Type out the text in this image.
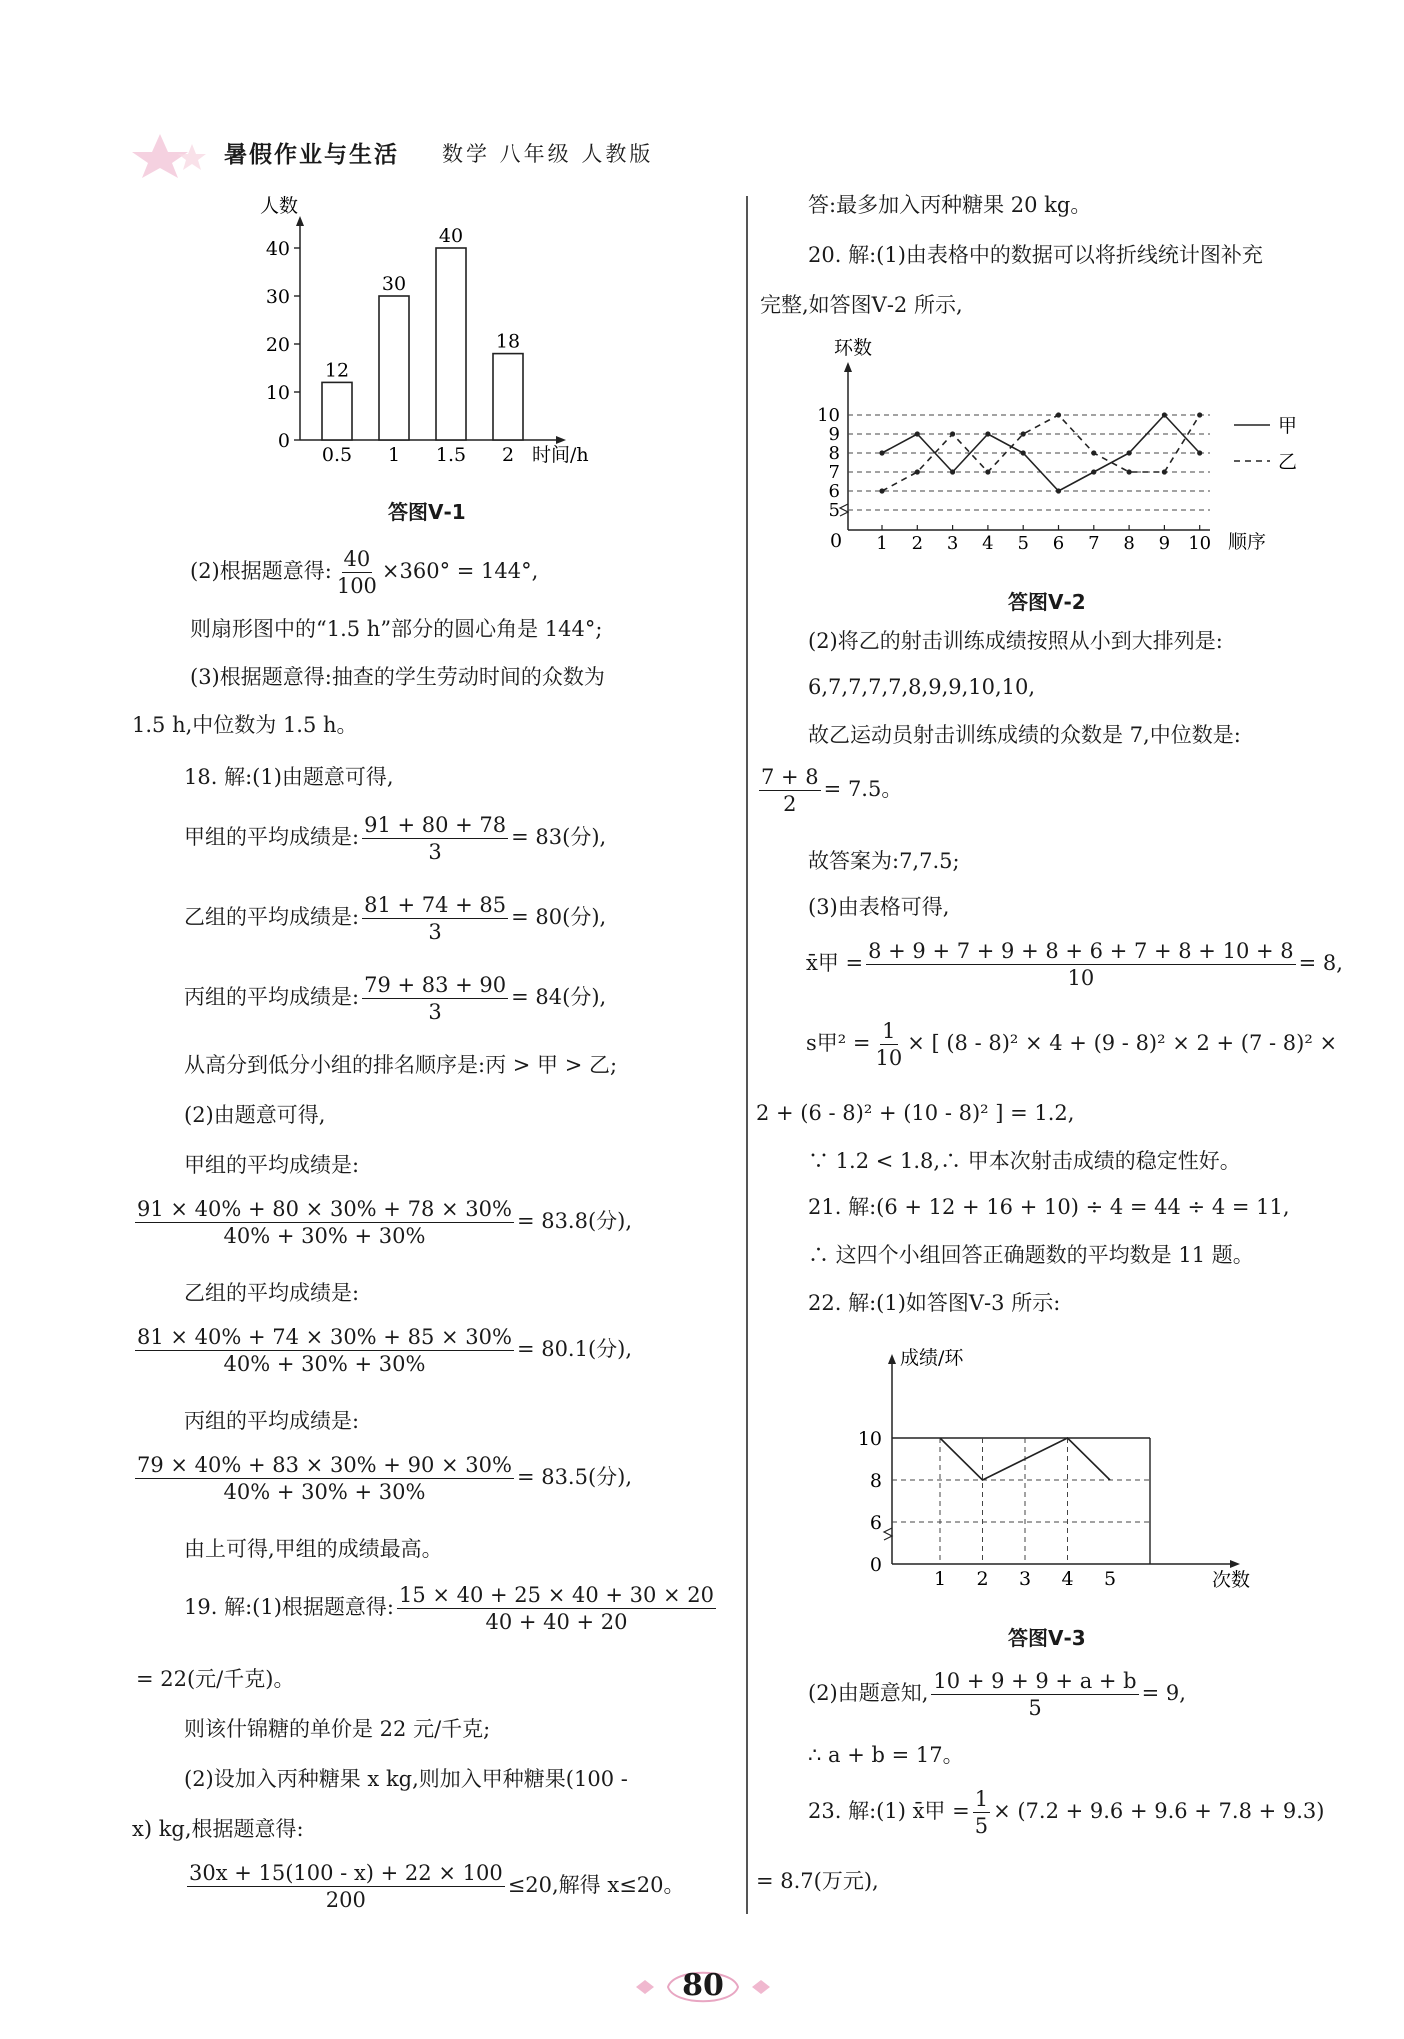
暑假作业与生活 数学 八年级 人教版
人数
0
10
20
30
40
12
0.5
30
1
40
1.5
18
2 时间/h
答图Ⅴ-1
(2)根据题意得: $\frac{40}{100} \times 360^\circ = 144^\circ$,
则扇形图中的“1.5 h”部分的圆心角是 144°;
(3)根据题意得:抽查的学生劳动时间的众数为
1.5 h,中位数为 1.5 h。
18. 解:(1)由题意可得,
甲组的平均成绩是: $\frac{91 + 80 + 78}{3} = 83$(分),
乙组的平均成绩是: $\frac{81 + 74 + 85}{3} = 80$(分),
丙组的平均成绩是: $\frac{79 + 83 + 90}{3} = 84$(分),
从高分到低分小组的排名顺序是:丙 > 甲 > 乙;
(2)由题意可得,
甲组的平均成绩是:
$\frac{91 \times 40\% + 80 \times 30\% + 78 \times 30\%}{40\% + 30\% + 30\%} = 83.8$(分),
乙组的平均成绩是:
$\frac{81 \times 40\% + 74 \times 30\% + 85 \times 30\%}{40\% + 30\% + 30\%} = 80.1$(分),
丙组的平均成绩是:
$\frac{79 \times 40\% + 83 \times 30\% + 90 \times 30\%}{40\% + 30\% + 30\%} = 83.5$(分),
由上可得,甲组的成绩最高。
19. 解:(1)根据题意得: $\frac{15 \times 40 + 25 \times 40 + 30 \times 20}{40 + 40 + 20}$
= 22(元/千克)。
则该什锦糖的单价是 22 元/千克;
(2)设加入丙种糖果 x kg,则加入甲种糖果(100 -
x) kg,根据题意得:
$\frac{30x + 15(100 - x) + 22 \times 100}{200} \le 20$,解得 x≤20。
答:最多加入丙种糖果 20 kg。
20. 解:(1)由表格中的数据可以将折线统计图补充
完整,如答图Ⅴ-2 所示,
环数
0
5
6
7
8
9
10
1 2 3 4 5 6 7 8 9 10 顺序
甲
乙
答图Ⅴ-2
(2)将乙的射击训练成绩按照从小到大排列是:
6,7,7,7,7,8,9,9,10,10,
故乙运动员射击训练成绩的众数是 7,中位数是:
$\frac{7 + 8}{2} = 7.5$。
故答案为:7,7.5;
(3)由表格可得,
x̄甲 = $\frac{8 + 9 + 7 + 9 + 8 + 6 + 7 + 8 + 10 + 8}{10} = 8$,
s甲$^2 = \frac{1}{10}$ × [ (8 - 8)² × 4 + (9 - 8)² × 2 + (7 - 8)² ×
2 + (6 - 8)² + (10 - 8)² ] = 1.2,
∵ 1.2 < 1.8,∴ 甲本次射击成绩的稳定性好。
21. 解:(6 + 12 + 16 + 10) ÷ 4 = 44 ÷ 4 = 11,
∴ 这四个小组回答正确题数的平均数是 11 题。
22. 解:(1)如答图Ⅴ-3 所示:
成绩/环
0
6
8
10
1 2 3 4 5	次数
答图Ⅴ-3
(2)由题意知, $\frac{10 + 9 + 9 + a + b}{5} = 9$,
∴ a + b = 17。
23. 解:(1) x̄甲 = $\frac{1}{5} \times (7.2 + 9.6 + 9.6 + 7.8 + 9.3)$
= 8.7(万元),
80
